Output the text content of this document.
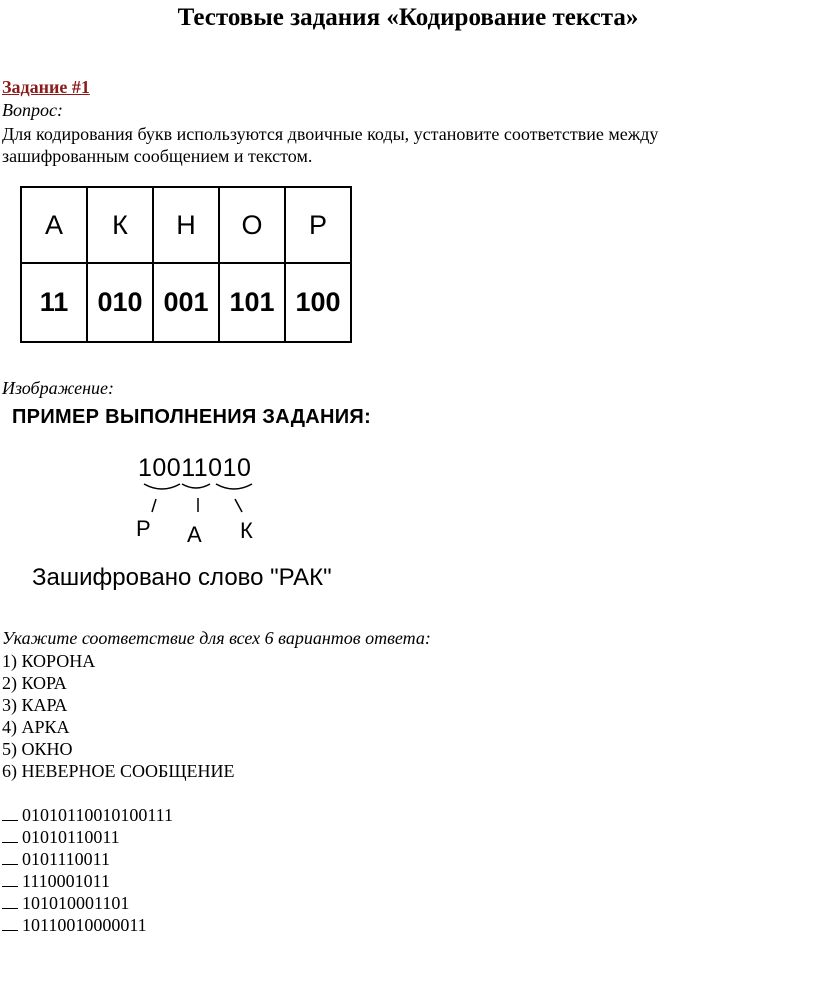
Тестовые задания «Кодирование текста»
Задание #1
Вопрос:
Для кодирования букв используются двоичные коды, установите соответствие между зашифрованным сообщением и текстом.
А	К	Н	О	Р
11	010	001	101	100
Изображение:
ПРИМЕР ВЫПОЛНЕНИЯ ЗАДАНИЯ:
10011010
Р А К
Зашифровано слово "РАК"
Укажите соответствие для всех 6 вариантов ответа:
1) КОРОНА
2) КОРА
3) КАРА
4) АРКА
5) ОКНО
6) НЕВЕРНОЕ СООБЩЕНИЕ
01010110010100111
01010110011
0101110011
1110001011
101010001101
10110010000011
